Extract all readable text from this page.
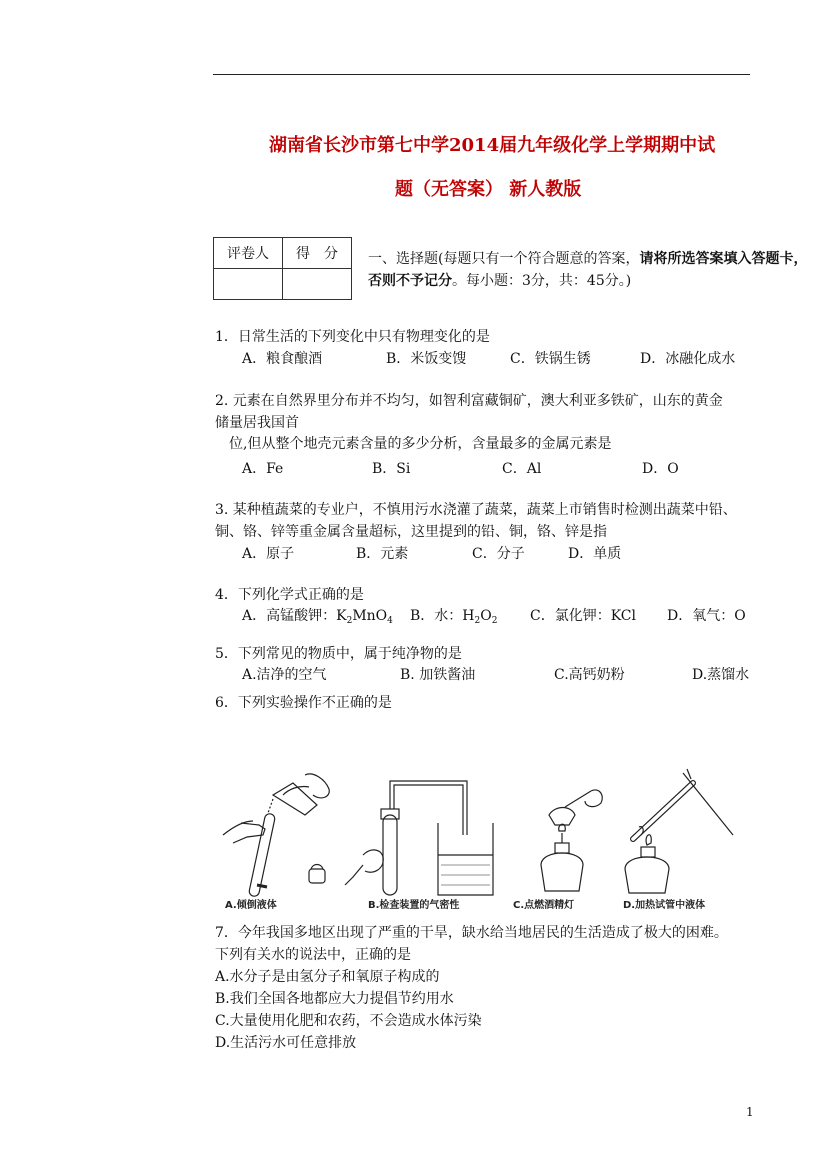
湖南省长沙市第七中学2014届九年级化学上学期期中试
题（无答案） 新人教版
评卷人	得　分
	一、选择题(每题只有一个符合题意的答案，请将所选答案填入答题卡，
否则不予记分。每小题：3分，共：45分。)
1．日常生活的下列变化中只有物理变化的是
A．粮食酿酒	B．米饭变馊	C．铁锅生锈	D．冰融化成水
2. 元素在自然界里分布并不均匀，如智利富藏铜矿，澳大利亚多铁矿，山东的黄金
储量居我国首
位,但从整个地壳元素含量的多少分析，含量最多的金属元素是
A．Fe	B．Si	C．Al	D．O
3. 某种植蔬菜的专业户，不慎用污水浇灌了蔬菜，蔬菜上市销售时检测出蔬菜中铅、
铜、铬、锌等重金属含量超标，这里提到的铅、铜，铬、锌是指
A．原子	B．元素	C．分子	D．单质
4．下列化学式正确的是
A．高锰酸钾：$K_2MnO_4$ B．水：$H_2O_2$ C．氯化钾：KCl D．氧气：O
5．下列常见的物质中，属于纯净物的是
A.洁净的空气	B. 加铁酱油	C.高钙奶粉	D.蒸馏水
6．下列实验操作不正确的是
A.倾倒液体	B.检查装置的气密性	C.点燃酒精灯	D.加热试管中液体
7．今年我国多地区出现了严重的干旱，缺水给当地居民的生活造成了极大的困难。
下列有关水的说法中，正确的是
A.水分子是由氢分子和氧原子构成的
B.我们全国各地都应大力提倡节约用水
C.大量使用化肥和农药，不会造成水体污染
D.生活污水可任意排放
1
